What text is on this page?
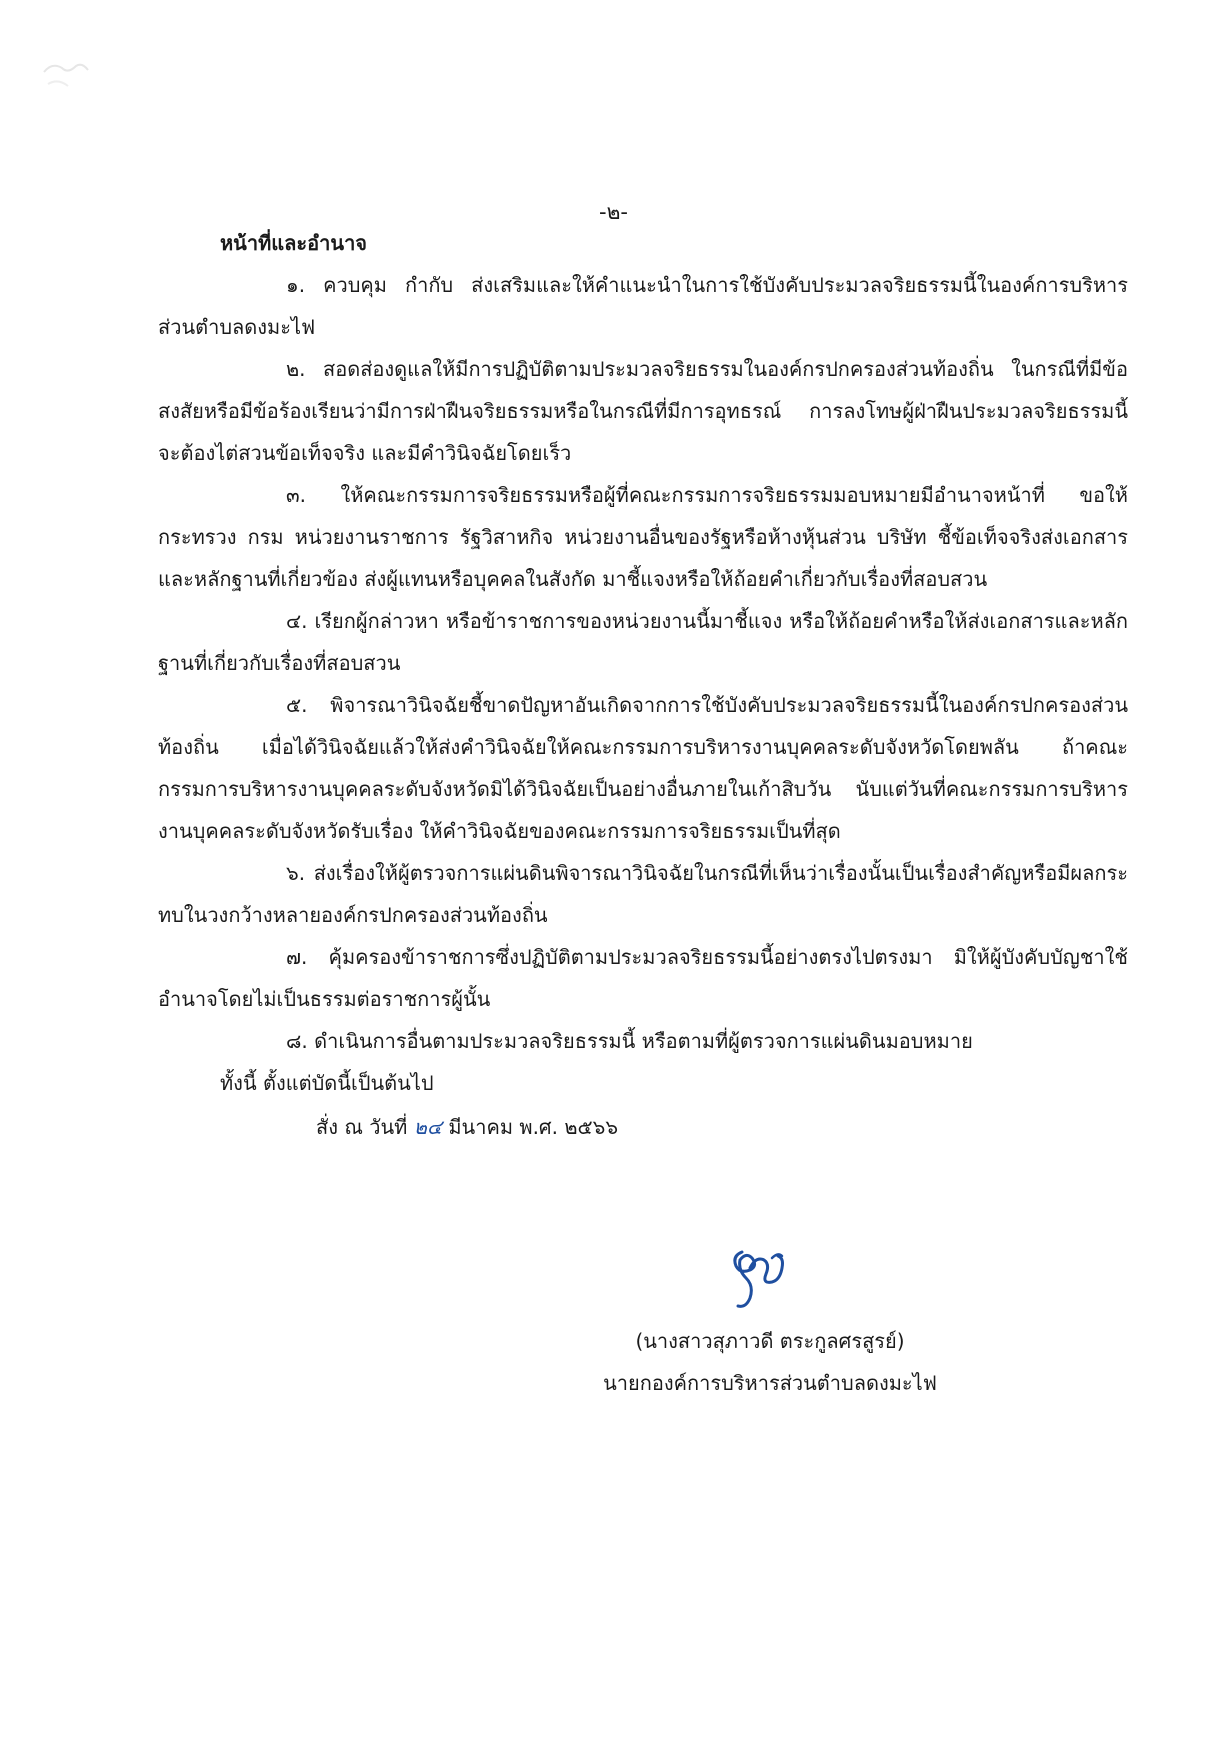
-๒-
หน้าที่และอำนาจ
๑. ควบคุม กำกับ ส่งเสริมและให้คำแนะนำในการใช้บังคับประมวลจริยธรรมนี้ในองค์การบริหารส่วนตำบลดงมะไฟ
๒. สอดส่องดูแลให้มีการปฏิบัติตามประมวลจริยธรรมในองค์กรปกครองส่วนท้องถิ่น ในกรณีที่มีข้อสงสัยหรือมีข้อร้องเรียนว่ามีการฝ่าฝืนจริยธรรมหรือในกรณีที่มีการอุทธรณ์ การลงโทษผู้ฝ่าฝืนประมวลจริยธรรมนี้ จะต้องไต่สวนข้อเท็จจริง และมีคำวินิจฉัยโดยเร็ว
๓. ให้คณะกรรมการจริยธรรมหรือผู้ที่คณะกรรมการจริยธรรมมอบหมายมีอำนาจหน้าที่ ขอให้กระทรวง กรม หน่วยงานราชการ รัฐวิสาหกิจ หน่วยงานอื่นของรัฐหรือห้างหุ้นส่วน บริษัท ชี้ข้อเท็จจริงส่งเอกสารและหลักฐานที่เกี่ยวข้อง ส่งผู้แทนหรือบุคคลในสังกัด มาชี้แจงหรือให้ถ้อยคำเกี่ยวกับเรื่องที่สอบสวน
๔. เรียกผู้กล่าวหา หรือข้าราชการของหน่วยงานนี้มาชี้แจง หรือให้ถ้อยคำหรือให้ส่งเอกสารและหลักฐานที่เกี่ยวกับเรื่องที่สอบสวน
๕. พิจารณาวินิจฉัยชี้ขาดปัญหาอันเกิดจากการใช้บังคับประมวลจริยธรรมนี้ในองค์กรปกครองส่วนท้องถิ่น เมื่อได้วินิจฉัยแล้วให้ส่งคำวินิจฉัยให้คณะกรรมการบริหารงานบุคคลระดับจังหวัดโดยพลัน ถ้าคณะกรรมการบริหารงานบุคคลระดับจังหวัดมิได้วินิจฉัยเป็นอย่างอื่นภายในเก้าสิบวัน นับแต่วันที่คณะกรรมการบริหารงานบุคคลระดับจังหวัดรับเรื่อง ให้คำวินิจฉัยของคณะกรรมการจริยธรรมเป็นที่สุด
๖. ส่งเรื่องให้ผู้ตรวจการแผ่นดินพิจารณาวินิจฉัยในกรณีที่เห็นว่าเรื่องนั้นเป็นเรื่องสำคัญหรือมีผลกระทบในวงกว้างหลายองค์กรปกครองส่วนท้องถิ่น
๗. คุ้มครองข้าราชการซึ่งปฏิบัติตามประมวลจริยธรรมนี้อย่างตรงไปตรงมา มิให้ผู้บังคับบัญชาใช้อำนาจโดยไม่เป็นธรรมต่อราชการผู้นั้น
๘. ดำเนินการอื่นตามประมวลจริยธรรมนี้ หรือตามที่ผู้ตรวจการแผ่นดินมอบหมาย
ทั้งนี้ ตั้งแต่บัดนี้เป็นต้นไป
สั่ง ณ วันที่ ๒๔ มีนาคม พ.ศ. ๒๕๖๖
(นางสาวสุภาวดี ตระกูลศรสูรย์)
นายกองค์การบริหารส่วนตำบลดงมะไฟ
